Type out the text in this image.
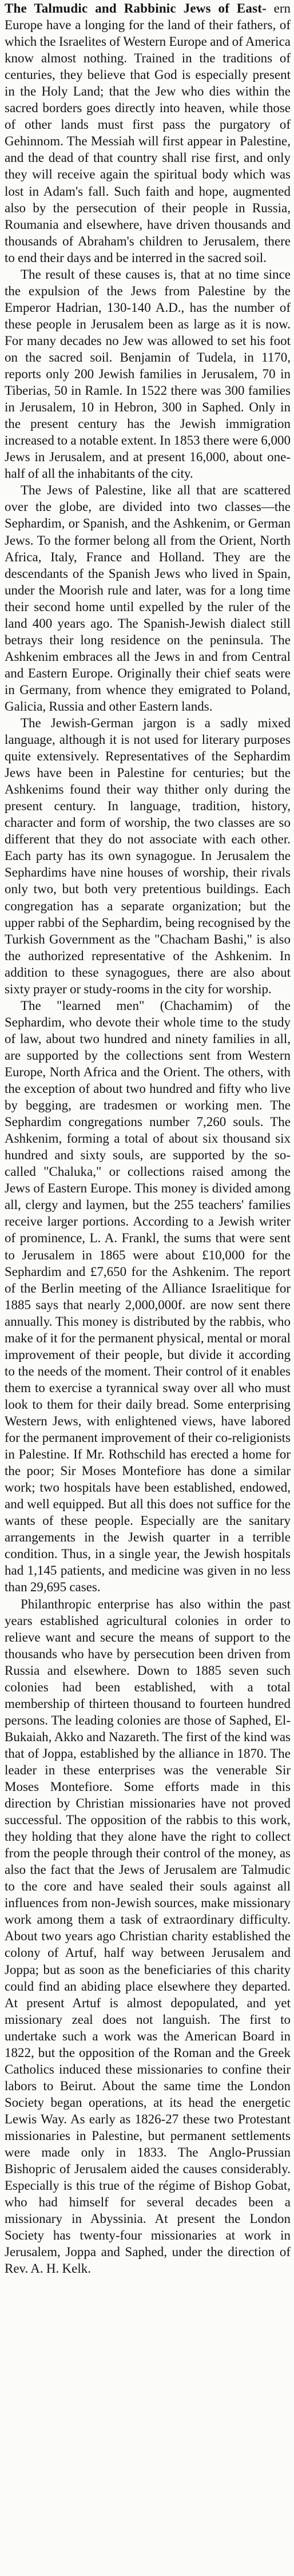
The Talmudic and Rabbinic Jews of East- ern Europe have a longing for the land of their fathers, of which the Israelites of Western Europe and of America know almost nothing. Trained in the traditions of centuries, they believe that God is especially present in the Holy Land; that the Jew who dies within the sacred borders goes directly into heaven, while those of other lands must first pass the purgatory of Gehinnom. The Messiah will first appear in Palestine, and the dead of that country shall rise first, and only they will receive again the spiritual body which was lost in Adam's fall. Such faith and hope, augmented also by the persecution of their people in Russia, Roumania and elsewhere, have driven thousands and thousands of Abraham's children to Jerusalem, there to end their days and be interred in the sacred soil.

The result of these causes is, that at no time since the expulsion of the Jews from Palestine by the Emperor Hadrian, 130-140 A.D., has the number of these people in Jerusalem been as large as it is now. For many decades no Jew was allowed to set his foot on the sacred soil. Benjamin of Tudela, in 1170, reports only 200 Jewish families in Jerusalem, 70 in Tiberias, 50 in Ramle. In 1522 there was 300 families in Jerusalem, 10 in Hebron, 300 in Saphed. Only in the present century has the Jewish immigration increased to a notable extent. In 1853 there were 6,000 Jews in Jerusalem, and at present 16,000, about one-half of all the inhabitants of the city.

The Jews of Palestine, like all that are scattered over the globe, are divided into two classes—the Sephardim, or Spanish, and the Ashkenim, or German Jews. To the former belong all from the Orient, North Africa, Italy, France and Holland. They are the descendants of the Spanish Jews who lived in Spain, under the Moorish rule and later, was for a long time their second home until expelled by the ruler of the land 400 years ago. The Spanish-Jewish dialect still betrays their long residence on the peninsula. The Ashkenim embraces all the Jews in and from Central and Eastern Europe. Originally their chief seats were in Germany, from whence they emigrated to Poland, Galicia, Russia and other Eastern lands.

The Jewish-German jargon is a sadly mixed language, although it is not used for literary purposes quite extensively. Representatives of the Sephardim Jews have been in Palestine for centuries; but the Ashkenims found their way thither only during the present century. In language, tradition, history, character and form of worship, the two classes are so different that they do not associate with each other. Each party has its own synagogue. In Jerusalem the Sephardims have nine houses of worship, their rivals only two, but both very pretentious buildings. Each congregation has a separate organization; but the upper rabbi of the Sephardim, being recognised by the Turkish Government as the "Chacham Bashi," is also the authorized representative of the Ashkenim. In addition to these synagogues, there are also about sixty prayer or study-rooms in the city for worship.

The "learned men" (Chachamim) of the Sephardim, who devote their whole time to the study of law, about two hundred and ninety families in all, are supported by the collections sent from Western Europe, North Africa and the Orient. The others, with the exception of about two hundred and fifty who live by begging, are tradesmen or working men. The Sephardim congregations number 7,260 souls. The Ashkenim, forming a total of about six thousand six hundred and sixty souls, are supported by the so-called "Chaluka," or collections raised among the Jews of Eastern Europe. This money is divided among all, clergy and laymen, but the 255 teachers' families receive larger portions. According to a Jewish writer of prominence, L. A. Frankl, the sums that were sent to Jerusalem in 1865 were about £10,000 for the Sephardim and £7,650 for the Ashkenim. The report of the Berlin meeting of the Alliance Israelitique for 1885 says that nearly 2,000,000f. are now sent there annually. This money is distributed by the rabbis, who make of it for the permanent physical, mental or moral improvement of their people, but divide it according to the needs of the moment. Their control of it enables them to exercise a tyrannical sway over all who must look to them for their daily bread. Some enterprising Western Jews, with enlightened views, have labored for the permanent improvement of their co-religionists in Palestine. If Mr. Rothschild has erected a home for the poor; Sir Moses Montefiore has done a similar work; two hospitals have been established, endowed, and well equipped. But all this does not suffice for the wants of these people. Especially are the sanitary arrangements in the Jewish quarter in a terrible condition. Thus, in a single year, the Jewish hospitals had 1,145 patients, and medicine was given in no less than 29,695 cases.

Philanthropic enterprise has also within the past years established agricultural colonies in order to relieve want and secure the means of support to the thousands who have by persecution been driven from Russia and elsewhere. Down to 1885 seven such colonies had been established, with a total membership of thirteen thousand to fourteen hundred persons. The leading colonies are those of Saphed, El-Bukaiah, Akko and Nazareth. The first of the kind was that of Joppa, established by the alliance in 1870. The leader in these enterprises was the venerable Sir Moses Montefiore. Some efforts made in this direction by Christian missionaries have not proved successful. The opposition of the rabbis to this work, they holding that they alone have the right to collect from the people through their control of the money, as also the fact that the Jews of Jerusalem are Talmudic to the core and have sealed their souls against all influences from non-Jewish sources, make missionary work among them a task of extraordinary difficulty. About two years ago Christian charity established the colony of Artuf, half way between Jerusalem and Joppa; but as soon as the beneficiaries of this charity could find an abiding place elsewhere they departed. At present Artuf is almost depopulated, and yet missionary zeal does not languish. The first to undertake such a work was the American Board in 1822, but the opposition of the Roman and the Greek Catholics induced these missionaries to confine their labors to Beirut. About the same time the London Society began operations, at its head the energetic Lewis Way. As early as 1826-27 these two Protestant missionaries in Palestine, but permanent settlements were made only in 1833. The Anglo-Prussian Bishopric of Jerusalem aided the causes considerably. Especially is this true of the régime of Bishop Gobat, who had himself for several decades been a missionary in Abyssinia. At present the London Society has twenty-four missionaries at work in Jerusalem, Joppa and Saphed, under the direction of Rev. A. H. Kelk.
